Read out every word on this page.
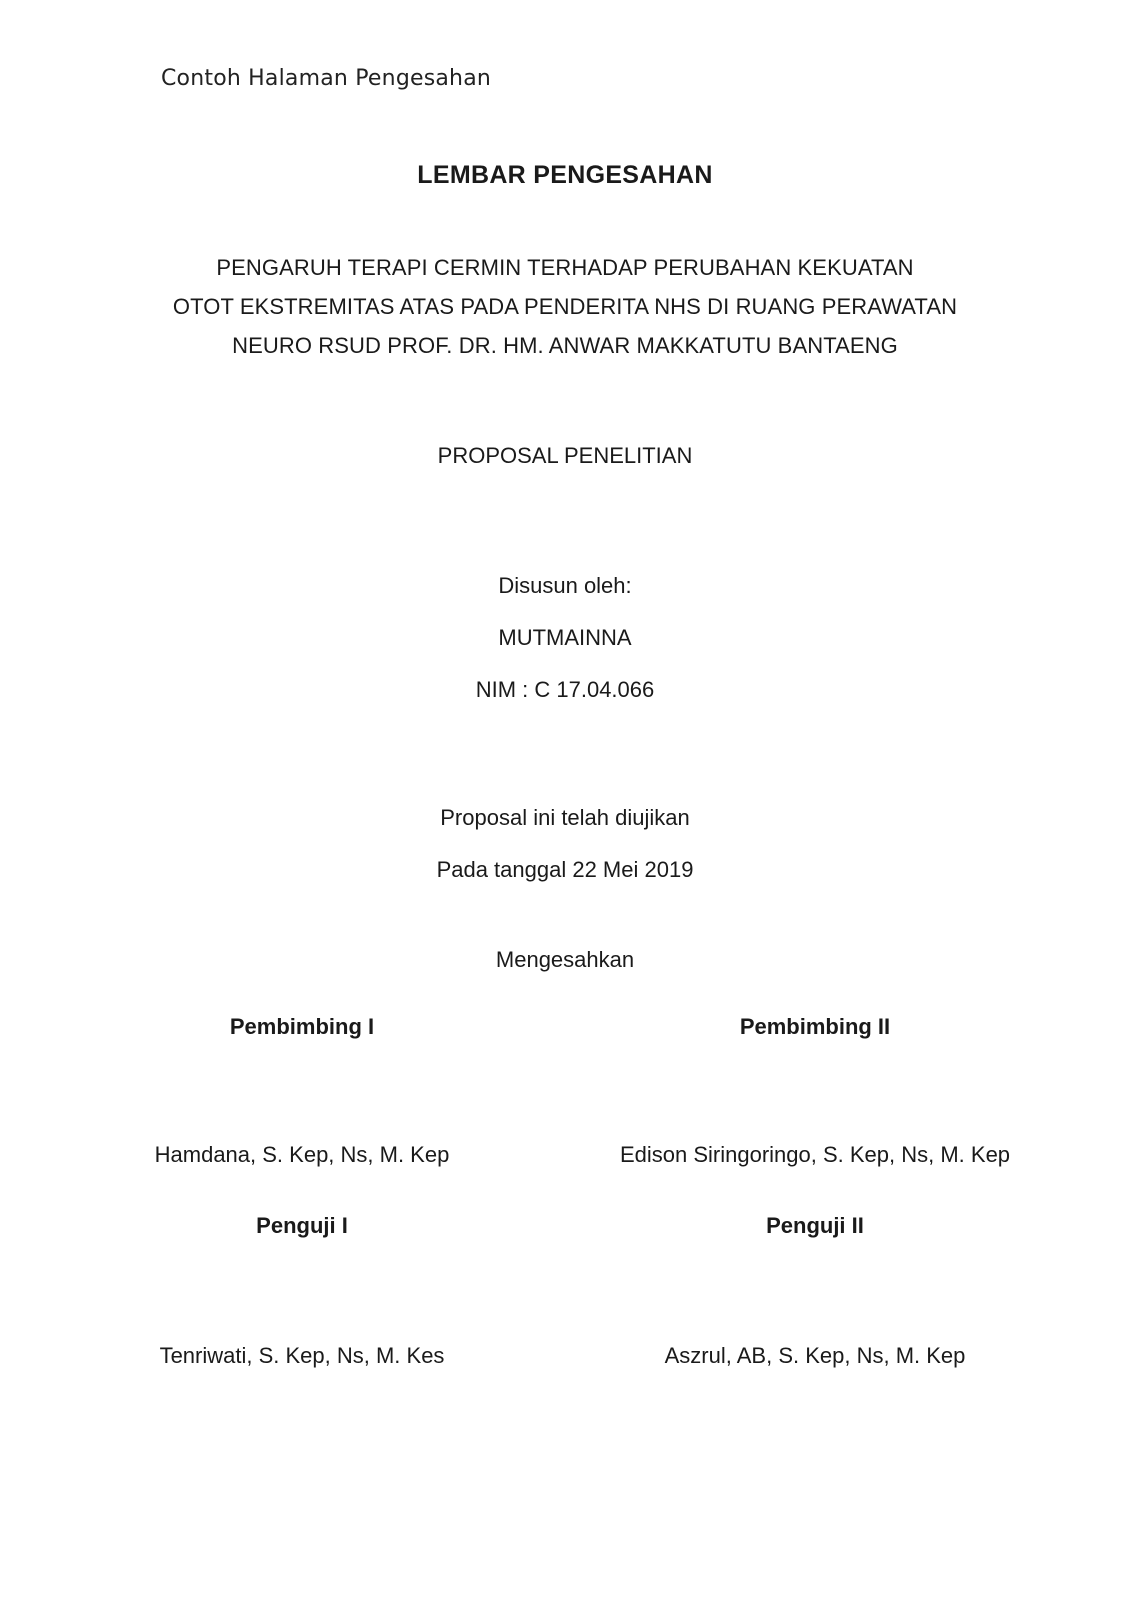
Contoh Halaman Pengesahan
LEMBAR PENGESAHAN
PENGARUH TERAPI CERMIN TERHADAP PERUBAHAN KEKUATAN
OTOT EKSTREMITAS ATAS PADA PENDERITA NHS DI RUANG PERAWATAN
NEURO RSUD PROF. DR. HM. ANWAR MAKKATUTU BANTAENG
PROPOSAL PENELITIAN
Disusun oleh:
MUTMAINNA
NIM : C 17.04.066
Proposal ini telah diujikan
Pada tanggal 22 Mei 2019
Mengesahkan
Pembimbing I	Pembimbing II
Hamdana, S. Kep, Ns, M. Kep	Edison Siringoringo, S. Kep, Ns, M. Kep
Penguji I	Penguji II
Tenriwati, S. Kep, Ns, M. Kes	Aszrul, AB, S. Kep, Ns, M. Kep
